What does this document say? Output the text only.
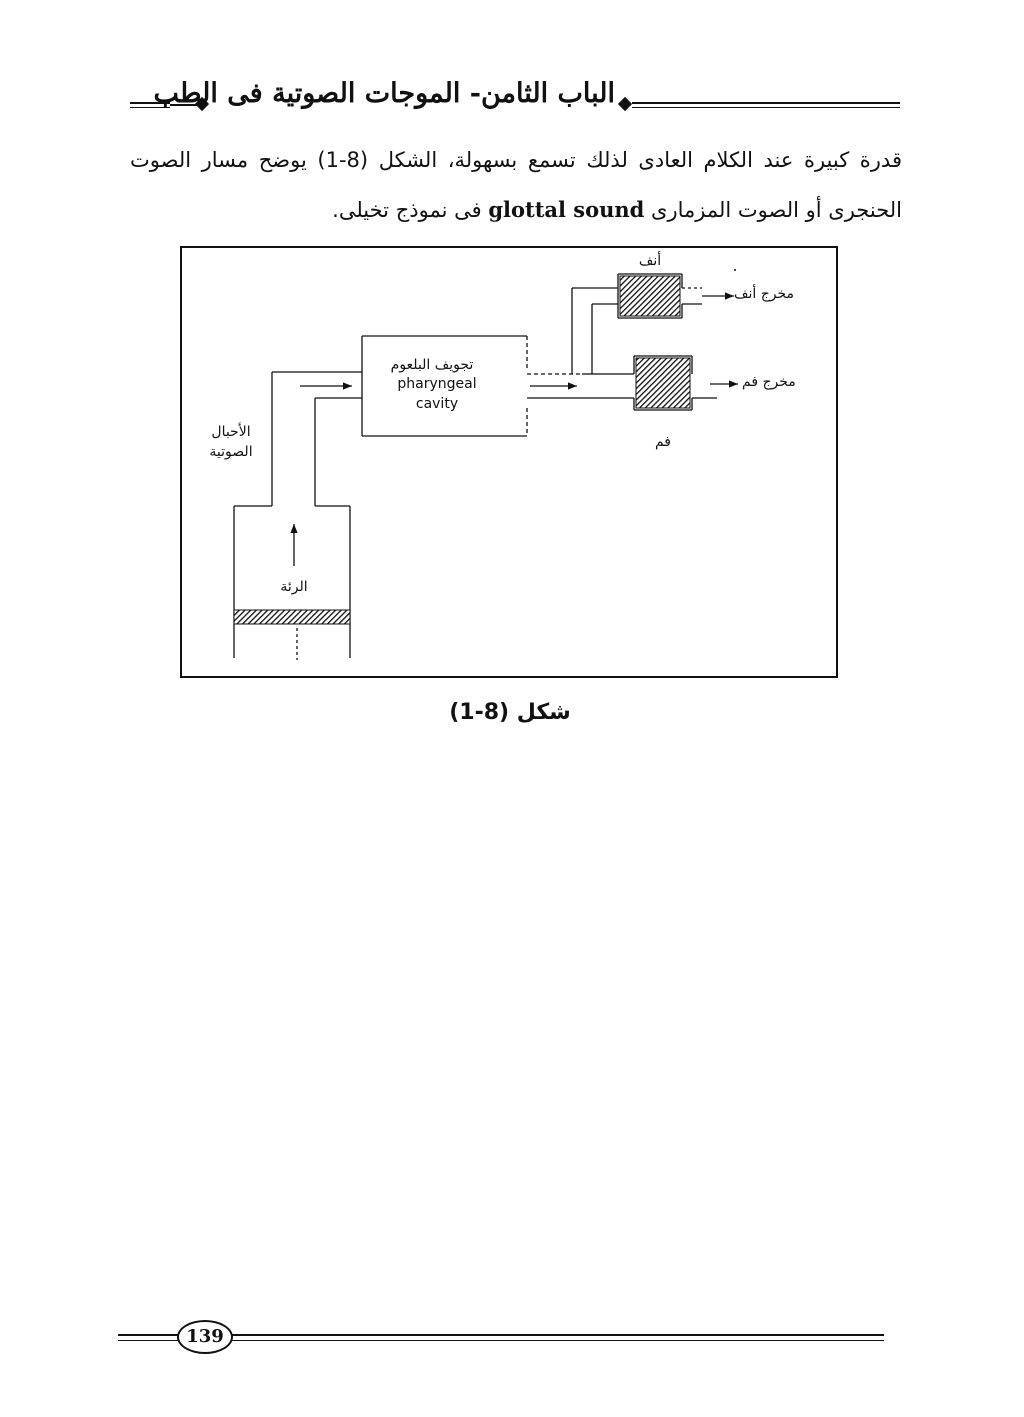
الباب الثامن- الموجات الصوتية فى الطب
قدرة كبيرة عند الكلام العادى لذلك تسمع بسهولة، الشكل (8-1) يوضح مسار الصوت
الحنجرى أو الصوت المزمارى glottal sound فى نموذج تخيلى.
تجويف البلعوم
pharyngeal
cavity
أنف
مخرج أنف
مخرج فم
فم
الأحبال
الصوتية
الرئة
شكل (8-1)
139
